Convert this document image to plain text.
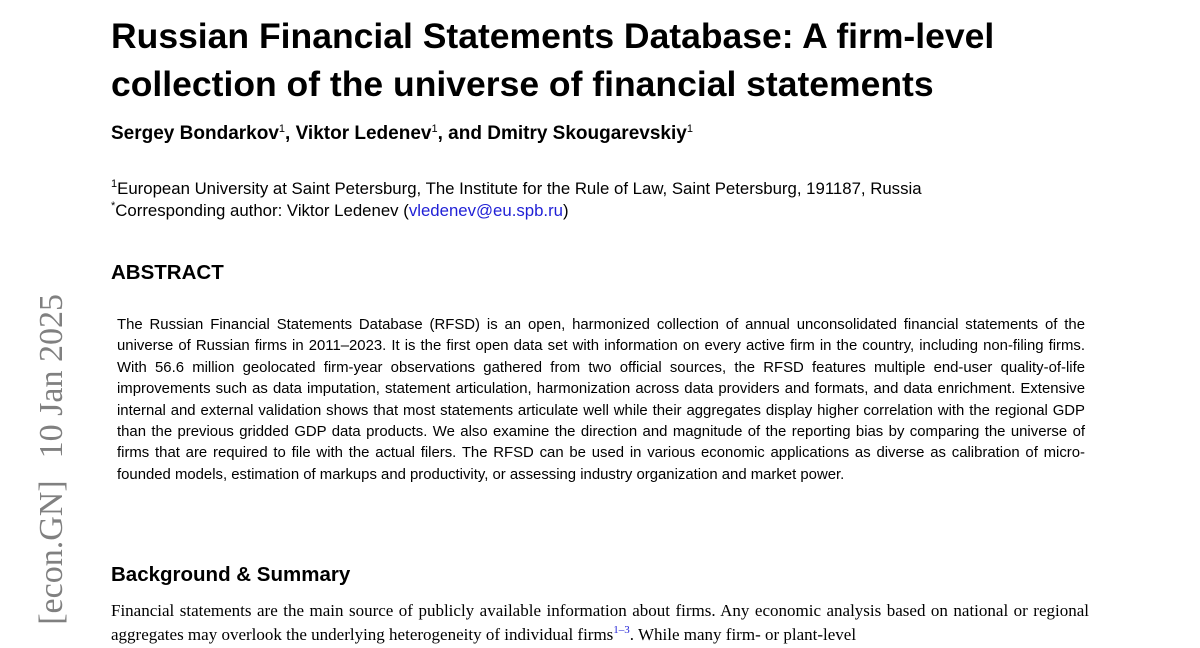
[econ.GN]10 Jan 2025
Russian Financial Statements Database: A firm-level collection of the universe of financial statements
Sergey Bondarkov$^1$, Viktor Ledenev$^1$, and Dmitry Skougarevskiy$^1$
$^1$European University at Saint Petersburg, The Institute for the Rule of Law, Saint Petersburg, 191187, Russia
*Corresponding author: Viktor Ledenev (vledenev@eu.spb.ru)
ABSTRACT

The Russian Financial Statements Database (RFSD) is an open, harmonized collection of annual unconsolidated financial statements of the universe of Russian firms in 2011–2023. It is the first open data set with information on every active firm in the country, including non-filing firms. With 56.6 million geolocated firm-year observations gathered from two official sources, the RFSD features multiple end-user quality-of-life improvements such as data imputation, statement articulation, harmonization across data providers and formats, and data enrichment. Extensive internal and external validation shows that most statements articulate well while their aggregates display higher correlation with the regional GDP than the previous gridded GDP data products. We also examine the direction and magnitude of the reporting bias by comparing the universe of firms that are required to file with the actual filers. The RFSD can be used in various economic applications as diverse as calibration of micro-founded models, estimation of markups and productivity, or assessing industry organization and market power.

Background & Summary

Financial statements are the main source of publicly available information about firms. Any economic analysis based on national or regional aggregates may overlook the underlying heterogeneity of individual firms$^{1-3}$. While many firm- or plant-level
